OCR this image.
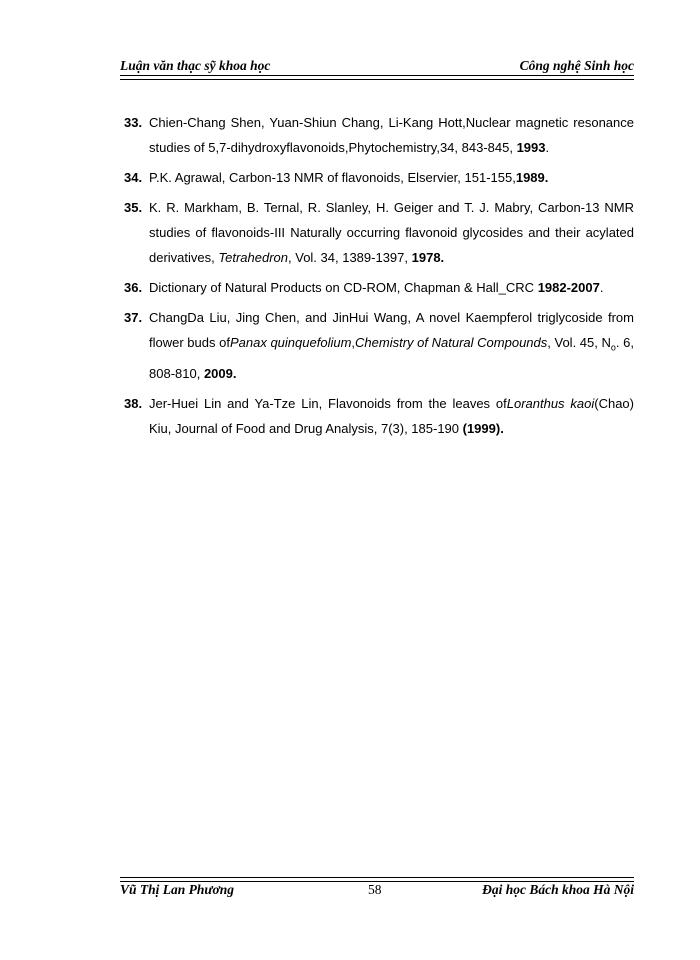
Luận văn thạc sỹ khoa học	Công nghệ Sinh học
33. Chien-Chang Shen, Yuan-Shiun Chang, Li-Kang Hott,Nuclear magnetic resonance studies of 5,7-dihydroxyflavonoids,Phytochemistry,34, 843-845, 1993.
34. P.K. Agrawal, Carbon-13 NMR of flavonoids, Elservier, 151-155,1989.
35. K. R. Markham, B. Ternal, R. Slanley, H. Geiger and T. J. Mabry, Carbon-13 NMR studies of flavonoids-III Naturally occurring flavonoid glycosides and their acylated derivatives, Tetrahedron, Vol. 34, 1389-1397, 1978.
36. Dictionary of Natural Products on CD-ROM, Chapman & Hall_CRC 1982-2007.
37. ChangDa Liu, Jing Chen, and JinHui Wang, A novel Kaempferol triglycoside from flower buds ofPanax quinquefolium,Chemistry of Natural Compounds, Vol. 45, $N_o$. 6, 808-810, 2009.
38. Jer-Huei Lin and Ya-Tze Lin, Flavonoids from the leaves ofLoranthus kaoi(Chao) Kiu, Journal of Food and Drug Analysis, 7(3), 185-190 (1999).
Vũ Thị Lan Phương	58	Đại học Bách khoa Hà Nội
